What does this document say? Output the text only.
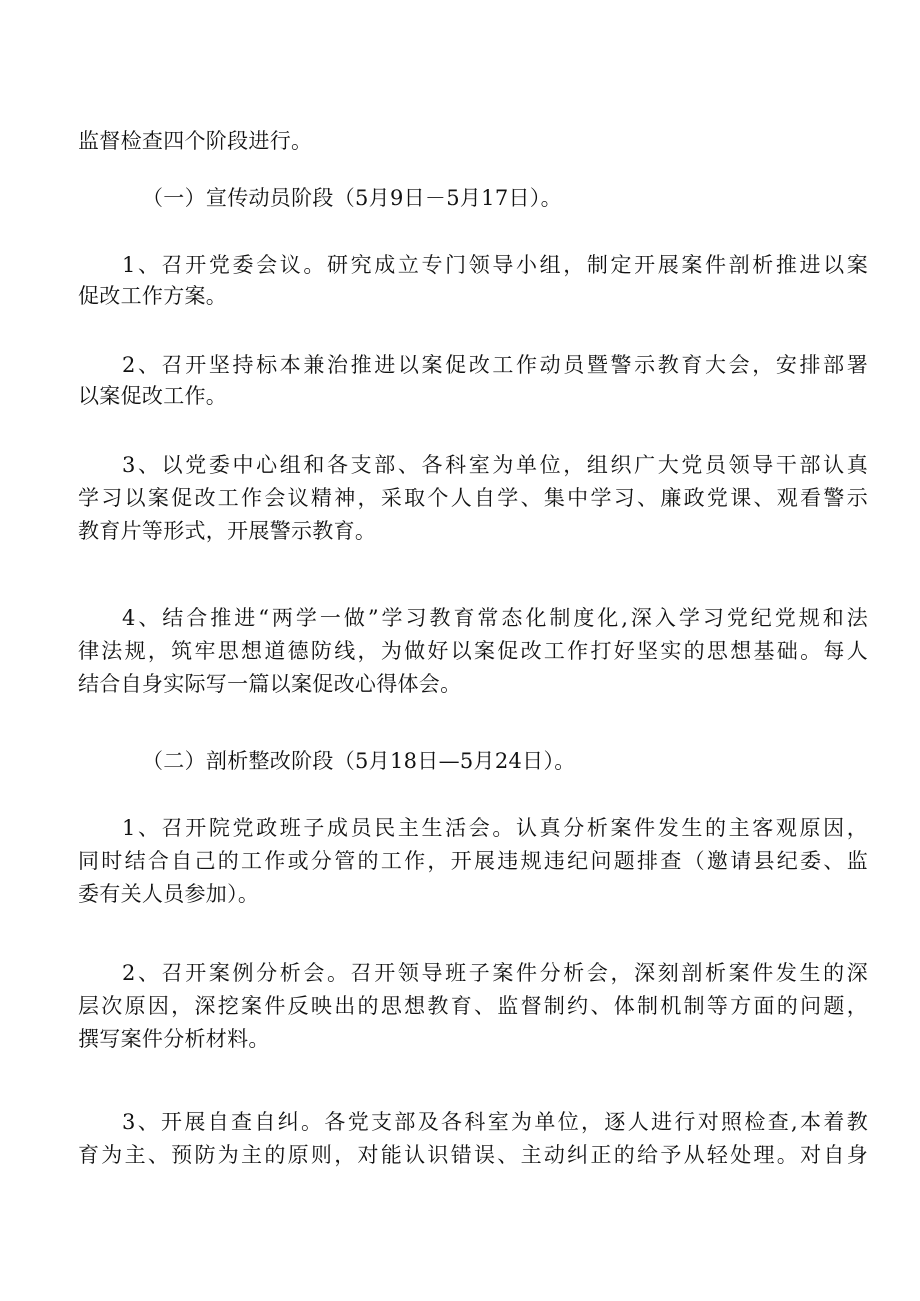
监督检查四个阶段进行。

（一）宣传动员阶段（5月9日－5月17日）。

1、召开党委会议。研究成立专门领导小组，制定开展案件剖析推进以案
促改工作方案。

2、召开坚持标本兼治推进以案促改工作动员暨警示教育大会，安排部署
以案促改工作。

3、以党委中心组和各支部、各科室为单位，组织广大党员领导干部认真
学习以案促改工作会议精神，采取个人自学、集中学习、廉政党课、观看警示
教育片等形式，开展警示教育。

4、结合推进“两学一做”学习教育常态化制度化,深入学习党纪党规和法
律法规，筑牢思想道德防线，为做好以案促改工作打好坚实的思想基础。每人
结合自身实际写一篇以案促改心得体会。

（二）剖析整改阶段（5月18日—5月24日）。

1、召开院党政班子成员民主生活会。认真分析案件发生的主客观原因，
同时结合自己的工作或分管的工作，开展违规违纪问题排查（邀请县纪委、监
委有关人员参加）。

2、召开案例分析会。召开领导班子案件分析会，深刻剖析案件发生的深
层次原因，深挖案件反映出的思想教育、监督制约、体制机制等方面的问题，
撰写案件分析材料。

3、开展自查自纠。各党支部及各科室为单位，逐人进行对照检查,本着教
育为主、预防为主的原则，对能认识错误、主动纠正的给予从轻处理。对自身
